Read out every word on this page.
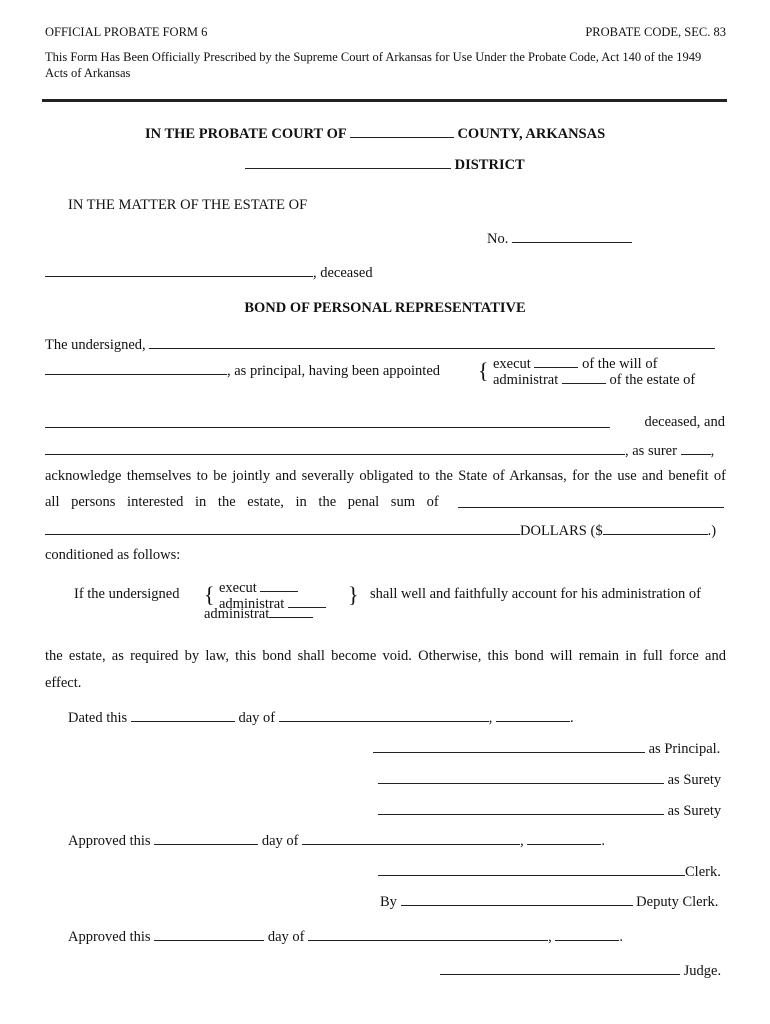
OFFICIAL PROBATE FORM 6	PROBATE CODE, SEC. 83
This Form Has Been Officially Prescribed by the Supreme Court of Arkansas for Use Under the Probate Code, Act 140 of the 1949
Acts of Arkansas
IN THE PROBATE COURT OF	COUNTY, ARKANSAS
DISTRICT
IN THE MATTER OF THE ESTATE OF
No.
, deceased
BOND OF PERSONAL REPRESENTATIVE
The undersigned,
, as principal, having been appointed { execut	of the will of
administrat	of the estate of
deceased, and
, as surer ,
acknowledge themselves to be jointly and severally obligated to the State of Arkansas, for the use and benefit of
all persons interested in the estate, in the penal sum of
DOLLARS ($	.)
conditioned as follows:
If the undersigned { execut
administrat
administrat
} shall well and faithfully account for his administration of
the estate, as required by law, this bond shall become void. Otherwise, this bond will remain in full force and
effect.
Dated this	day of	,	.
as Principal.
as Surety
as Surety
Approved this	day of	,	.
Clerk.
By	Deputy Clerk.
Approved this	day of	,	.
Judge.
